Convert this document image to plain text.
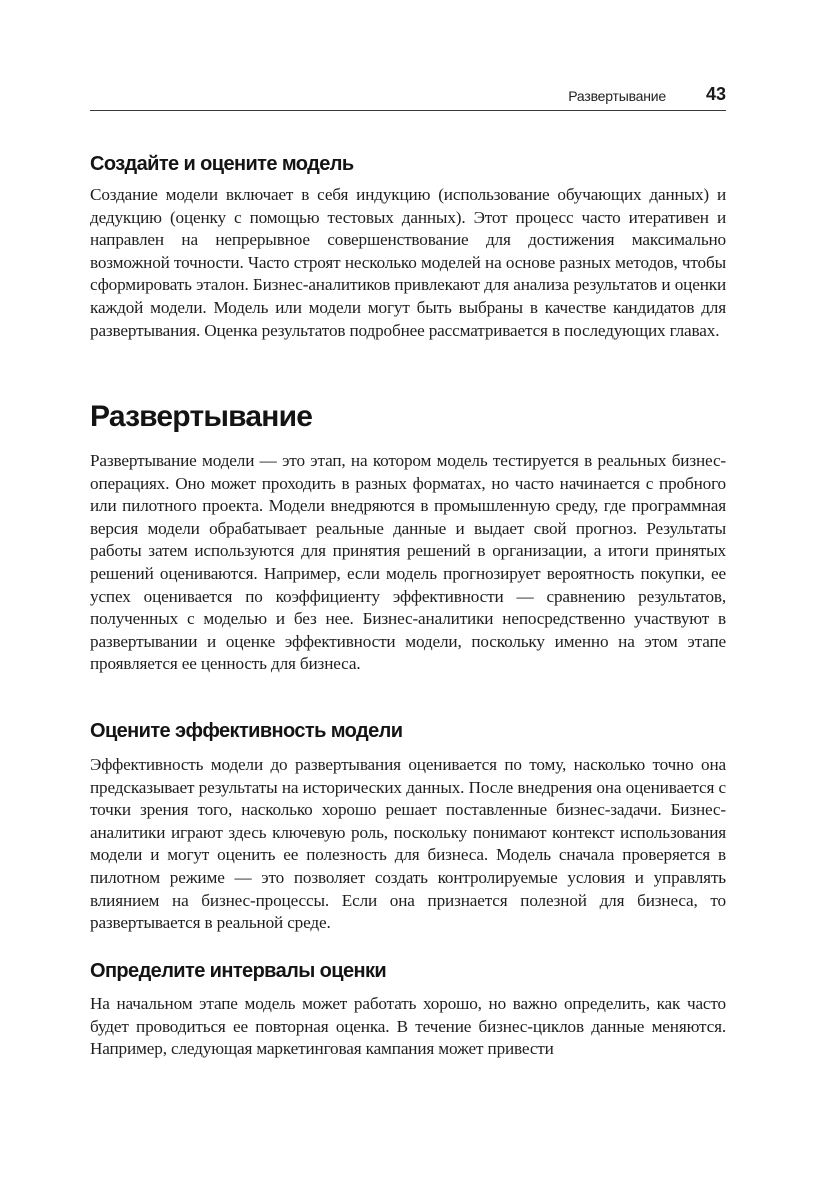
Развертывание 43
Создайте и оцените модель

Создание модели включает в себя индукцию (использование обучающих данных) и дедукцию (оценку с помощью тестовых данных). Этот процесс часто итеративен и направлен на непрерывное совершенствование для достижения максимально возможной точности. Часто строят несколько моделей на основе разных методов, чтобы сформировать эталон. Бизнес-аналитиков привлекают для анализа результатов и оценки каждой модели. Модель или модели могут быть выбраны в качестве кандидатов для развертывания. Оценка результатов подробнее рассматривается в последующих главах.

Развертывание

Развертывание модели — это этап, на котором модель тестируется в реальных бизнес-операциях. Оно может проходить в разных форматах, но часто начинается с пробного или пилотного проекта. Модели внедряются в промышленную среду, где программная версия модели обрабатывает реальные данные и выдает свой прогноз. Результаты работы затем используются для принятия решений в организации, а итоги принятых решений оцениваются. Например, если модель прогнозирует вероятность покупки, ее успех оценивается по коэффициенту эффективности — сравнению результатов, полученных с моделью и без нее. Бизнес-аналитики непосредственно участвуют в развертывании и оценке эффективности модели, поскольку именно на этом этапе проявляется ее ценность для бизнеса.

Оцените эффективность модели

Эффективность модели до развертывания оценивается по тому, насколько точно она предсказывает результаты на исторических данных. После внедрения она оценивается с точки зрения того, насколько хорошо решает поставленные бизнес-задачи. Бизнес-аналитики играют здесь ключевую роль, поскольку понимают контекст использования модели и могут оценить ее полезность для бизнеса. Модель сначала проверяется в пилотном режиме — это позволяет создать контролируемые условия и управлять влиянием на бизнес-процессы. Если она признается полезной для бизнеса, то развертывается в реальной среде.

Определите интервалы оценки

На начальном этапе модель может работать хорошо, но важно определить, как часто будет проводиться ее повторная оценка. В течение бизнес-циклов данные меняются. Например, следующая маркетинговая кампания может привести
